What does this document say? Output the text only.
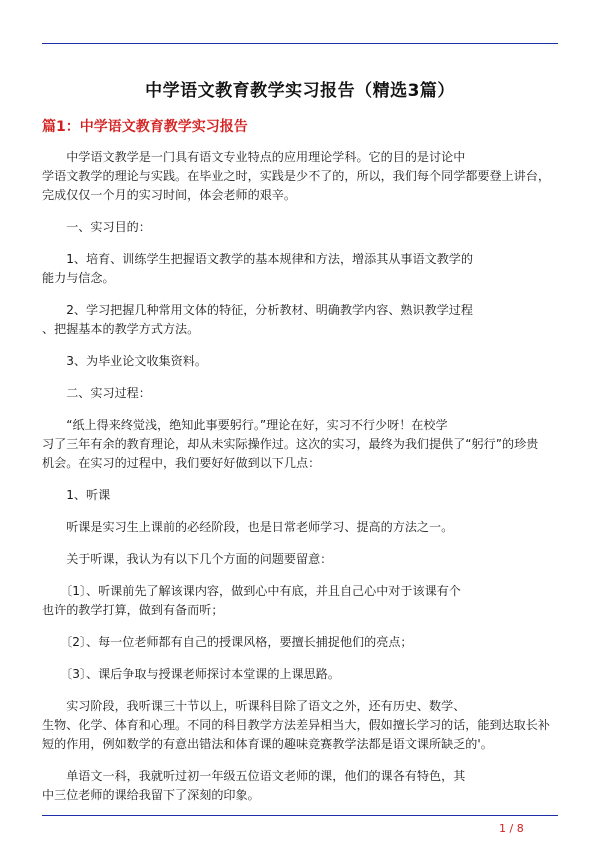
中学语文教育教学实习报告（精选3篇）
篇1：中学语文教育教学实习报告
　　中学语文教学是一门具有语文专业特点的应用理论学科。它的目的是讨论中
学语文教学的理论与实践。在毕业之时，实践是少不了的，所以，我们每个同学都要登上讲台，
完成仅仅一个月的实习时间，体会老师的艰辛。
　　一、实习目的：
　　1、培育、训练学生把握语文教学的基本规律和方法，增添其从事语文教学的
能力与信念。
　　2、学习把握几种常用文体的特征，分析教材、明确教学内容、熟识教学过程
、把握基本的教学方式方法。
　　3、为毕业论文收集资料。
　　二、实习过程：
　　“纸上得来终觉浅，绝知此事要躬行。”理论在好，实习不行少呀！在校学
习了三年有余的教育理论，却从未实际操作过。这次的实习，最终为我们提供了“躬行”的珍贵
机会。在实习的过程中，我们要好好做到以下几点：
　　1、听课
　　听课是实习生上课前的必经阶段，也是日常老师学习、提高的方法之一。
　　关于听课，我认为有以下几个方面的问题要留意：
　　〔1〕、听课前先了解该课内容，做到心中有底，并且自己心中对于该课有个
也许的教学打算，做到有备而听；
　　〔2〕、每一位老师都有自己的授课风格，要擅长捕捉他们的亮点；
　　〔3〕、课后争取与授课老师探讨本堂课的上课思路。
　　实习阶段，我听课三十节以上，听课科目除了语文之外，还有历史、数学、
生物、化学、体育和心理。不同的科目教学方法差异相当大，假如擅长学习的话，能到达取长补
短的作用，例如数学的有意出错法和体育课的趣味竞赛教学法都是语文课所缺乏的'。
　　单语文一科，我就听过初一年级五位语文老师的课，他们的课各有特色，其
中三位老师的课给我留下了深刻的印象。
1 / 8
